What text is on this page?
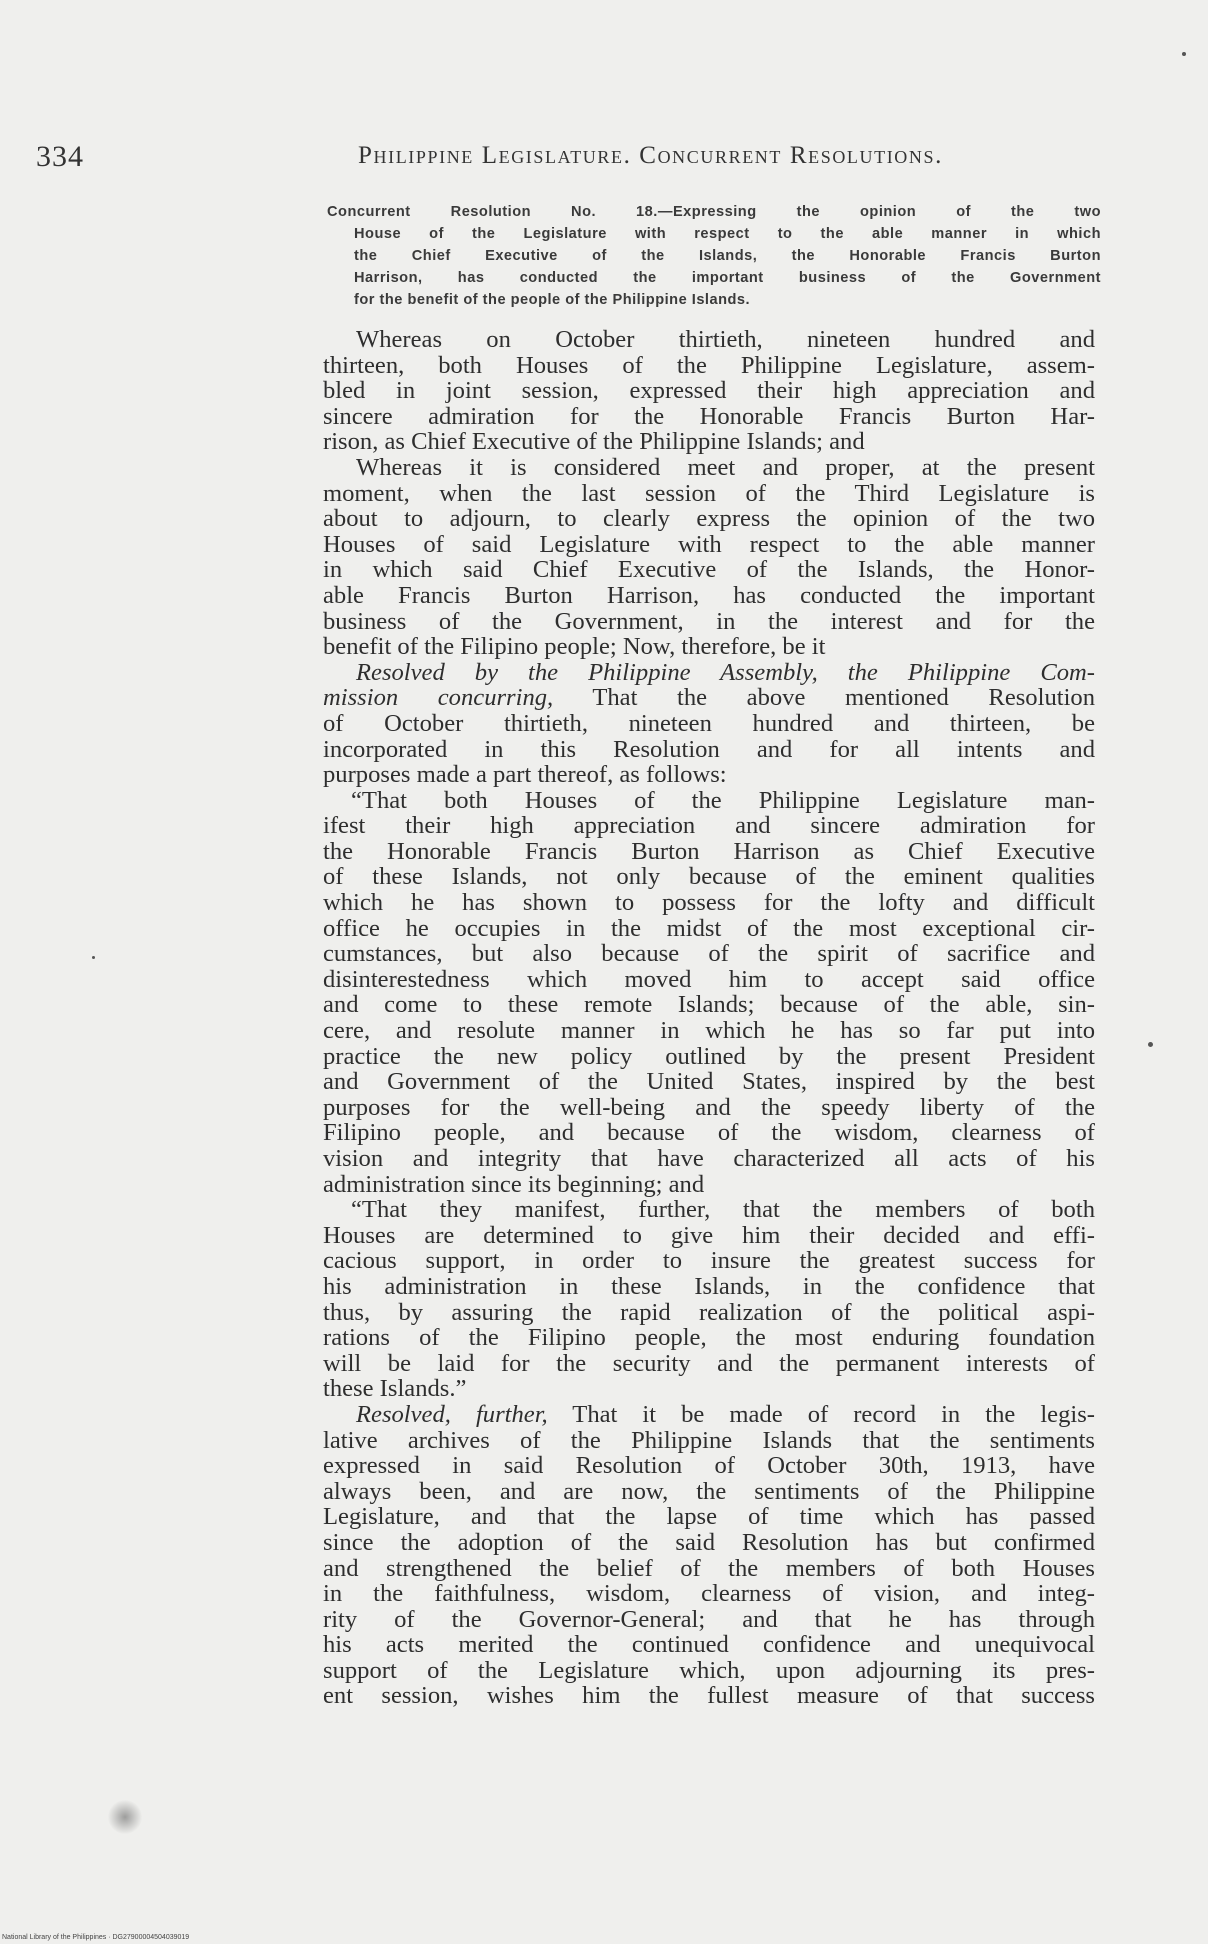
334	Philippine Legislature. Concurrent Resolutions.
Concurrent Resolution No. 18.—Expressing the opinion of the two
House of the Legislature with respect to the able manner in which
the Chief Executive of the Islands, the Honorable Francis Burton
Harrison, has conducted the important business of the Government
for the benefit of the people of the Philippine Islands.
Whereas on October thirtieth, nineteen hundred and
thirteen, both Houses of the Philippine Legislature, assem-
bled in joint session, expressed their high appreciation and
sincere admiration for the Honorable Francis Burton Har-
rison, as Chief Executive of the Philippine Islands; and
Whereas it is considered meet and proper, at the present
moment, when the last session of the Third Legislature is
about to adjourn, to clearly express the opinion of the two
Houses of said Legislature with respect to the able manner
in which said Chief Executive of the Islands, the Honor-
able Francis Burton Harrison, has conducted the important
business of the Government, in the interest and for the
benefit of the Filipino people; Now, therefore, be it
Resolved by the Philippine Assembly, the Philippine Com-
mission concurring, That the above mentioned Resolution
of October thirtieth, nineteen hundred and thirteen, be
incorporated in this Resolution and for all intents and
purposes made a part thereof, as follows:
“That both Houses of the Philippine Legislature man-
ifest their high appreciation and sincere admiration for
the Honorable Francis Burton Harrison as Chief Executive
of these Islands, not only because of the eminent qualities
which he has shown to possess for the lofty and difficult
office he occupies in the midst of the most exceptional cir-
cumstances, but also because of the spirit of sacrifice and
disinterestedness which moved him to accept said office
and come to these remote Islands; because of the able, sin-
cere, and resolute manner in which he has so far put into
practice the new policy outlined by the present President
and Government of the United States, inspired by the best
purposes for the well-being and the speedy liberty of the
Filipino people, and because of the wisdom, clearness of
vision and integrity that have characterized all acts of his
administration since its beginning; and
“That they manifest, further, that the members of both
Houses are determined to give him their decided and effi-
cacious support, in order to insure the greatest success for
his administration in these Islands, in the confidence that
thus, by assuring the rapid realization of the political aspi-
rations of the Filipino people, the most enduring foundation
will be laid for the security and the permanent interests of
these Islands.”
Resolved, further, That it be made of record in the legis-
lative archives of the Philippine Islands that the sentiments
expressed in said Resolution of October 30th, 1913, have
always been, and are now, the sentiments of the Philippine
Legislature, and that the lapse of time which has passed
since the adoption of the said Resolution has but confirmed
and strengthened the belief of the members of both Houses
in the faithfulness, wisdom, clearness of vision, and integ-
rity of the Governor-General; and that he has through
his acts merited the continued confidence and unequivocal
support of the Legislature which, upon adjourning its pres-
ent session, wishes him the fullest measure of that success
National Library of the Philippines · DG27900004504039019
